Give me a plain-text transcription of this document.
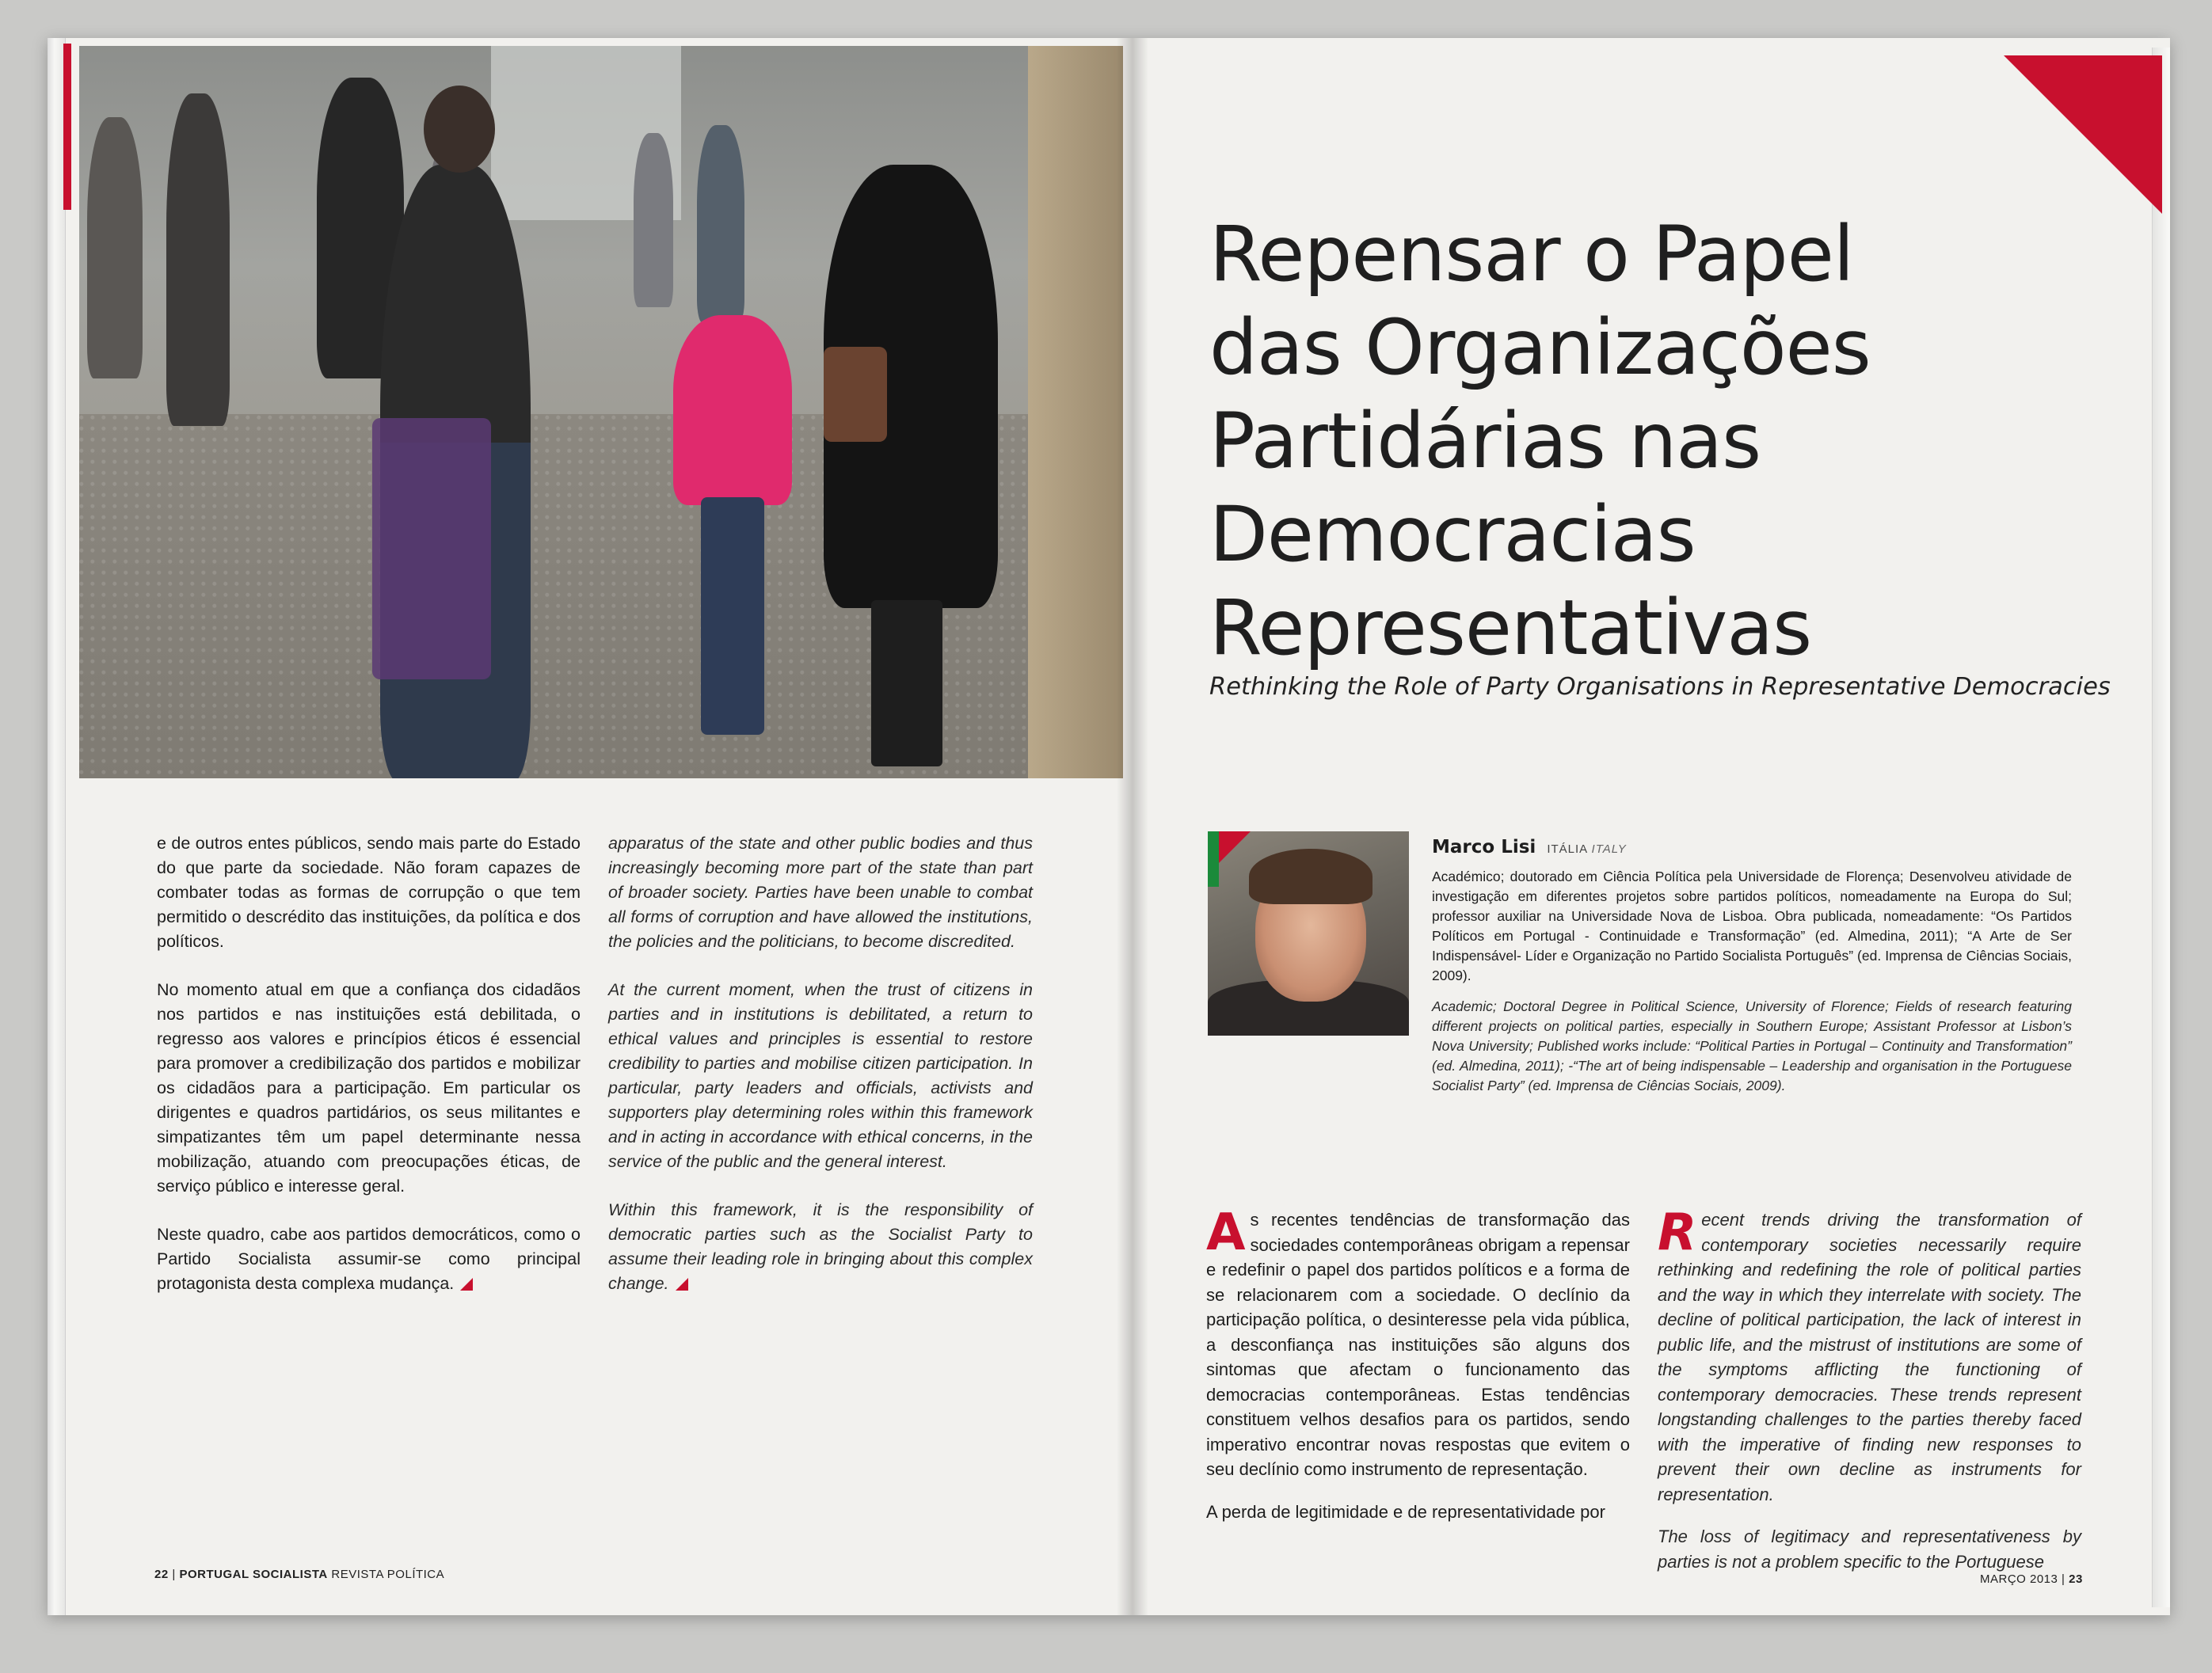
e de outros entes públicos, sendo mais parte do Estado do que parte da sociedade. Não foram capazes de combater todas as formas de corrupção o que tem permitido o descrédito das instituições, da política e dos políticos.

No momento atual em que a confiança dos cidadãos nos partidos e nas instituições está debilitada, o regresso aos valores e princípios éticos é essencial para promover a credibilização dos partidos e mobilizar os cidadãos para a participação. Em particular os dirigentes e quadros partidários, os seus militantes e simpatizantes têm um papel determinante nessa mobilização, atuando com preocupações éticas, de serviço público e interesse geral.

Neste quadro, cabe aos partidos democráticos, como o Partido Socialista assumir-se como principal protagonista desta complexa mudança.

apparatus of the state and other public bodies and thus increasingly becoming more part of the state than part of broader society. Parties have been unable to combat all forms of corruption and have allowed the institutions, the policies and the politicians, to become discredited.

At the current moment, when the trust of citizens in parties and in institutions is debilitated, a return to ethical values and principles is essential to restore credibility to parties and mobilise citizen participation. In particular, party leaders and officials, activists and supporters play determining roles within this framework and in acting in accordance with ethical concerns, in the service of the public and the general interest.

Within this framework, it is the responsibility of democratic parties such as the Socialist Party to assume their leading role in bringing about this complex change.

22 | PORTUGAL SOCIALISTA REVISTA POLÍTICA
Repensar o Papel
das Organizações
Partidárias nas
Democracias
Representativas
Rethinking the Role of Party Organisations in Representative Democracies
Marco Lisi ITÁLIA ITALY
Académico; doutorado em Ciência Política pela Universidade de Florença; Desenvolveu atividade de investigação em diferentes projetos sobre partidos políticos, nomeadamente na Europa do Sul; professor auxiliar na Universidade Nova de Lisboa. Obra publicada, nomeadamente: “Os Partidos Políticos em Portugal - Continuidade e Transformação” (ed. Almedina, 2011); “A Arte de Ser Indispensável- Líder e Organização no Partido Socialista Português” (ed. Imprensa de Ciências Sociais, 2009).
Academic; Doctoral Degree in Political Science, University of Florence; Fields of research featuring different projects on political parties, especially in Southern Europe; Assistant Professor at Lisbon’s Nova University; Published works include: “Political Parties in Portugal – Continuity and Transformation” (ed. Almedina, 2011); -“The art of being indispensable – Leadership and organisation in the Portuguese Socialist Party” (ed. Imprensa de Ciências Sociais, 2009).

As recentes tendências de transformação das sociedades contemporâneas obrigam a repensar e redefinir o papel dos partidos políticos e a forma de se relacionarem com a sociedade. O declínio da participação política, o desinteresse pela vida pública, a desconfiança nas instituições são alguns dos sintomas que afectam o funcionamento das democracias contemporâneas. Estas tendências constituem velhos desafios para os partidos, sendo imperativo encontrar novas respostas que evitem o seu declínio como instrumento de representação.

A perda de legitimidade e de representatividade por

Recent trends driving the transformation of contemporary societies necessarily require rethinking and redefining the role of political parties and the way in which they interrelate with society. The decline of political participation, the lack of interest in public life, and the mistrust of institutions are some of the symptoms afflicting the functioning of contemporary democracies. These trends represent longstanding challenges to the parties thereby faced with the imperative of finding new responses to prevent their own decline as instruments for representation.

The loss of legitimacy and representativeness by parties is not a problem specific to the Portuguese

MARÇO 2013 | 23
